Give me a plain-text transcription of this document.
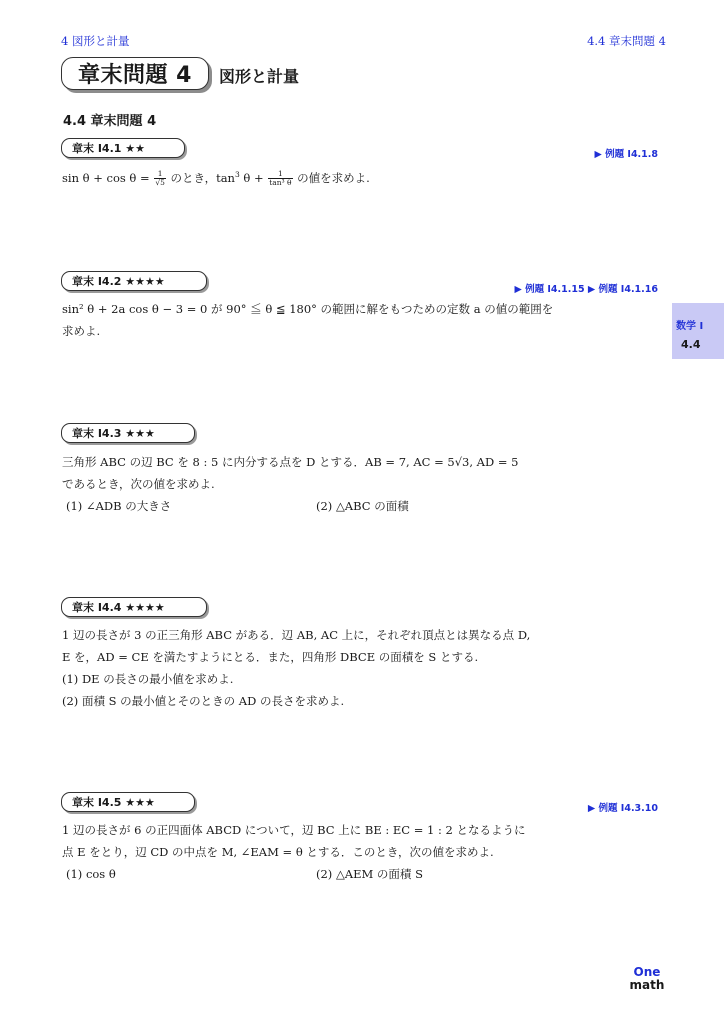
4 図形と計量	4.4 章末問題 4
章末問題 4	図形と計量
4.4 章末問題 4
章末 I4.1 ★★	▶ 例題 I4.1.8
$\sin \theta + \cos \theta = \frac{1}{√5}$ のとき，$\tan^3 \theta + \frac{1}{\text{tan³ θ}}$ の値を求めよ.
章末 I4.2 ★★★★
▶ 例題 I4.1.15 ▶ 例題 I4.1.16
sin² θ + 2a cos θ − 3 = 0 が 90° ≦ θ ≦ 180° の範囲に解をもつための定数 a の値の範囲を
求めよ.
章末 I4.3 ★★★
三角形 ABC の辺 BC を 8 : 5 に内分する点を D とする．AB = 7, AC = 5√3, AD = 5
であるとき，次の値を求めよ.
(1) ∠ADB の大きさ	(2) △ABC の面積
章末 I4.4 ★★★★
1 辺の長さが 3 の正三角形 ABC がある．辺 AB, AC 上に，それぞれ頂点とは異なる点 D,
E を，AD = CE を満たすようにとる．また，四角形 DBCE の面積を S とする.
(1) DE の長さの最小値を求めよ.
(2) 面積 S の最小値とそのときの AD の長さを求めよ.
章末 I4.5 ★★★	▶ 例題 I4.3.10
1 辺の長さが 6 の正四面体 ABCD について，辺 BC 上に BE : EC = 1 : 2 となるように
点 E をとり，辺 CD の中点を M, ∠EAM = θ とする．このとき，次の値を求めよ.
(1) cos θ	(2) △AEM の面積 S
数学 I
4.4
One
math
